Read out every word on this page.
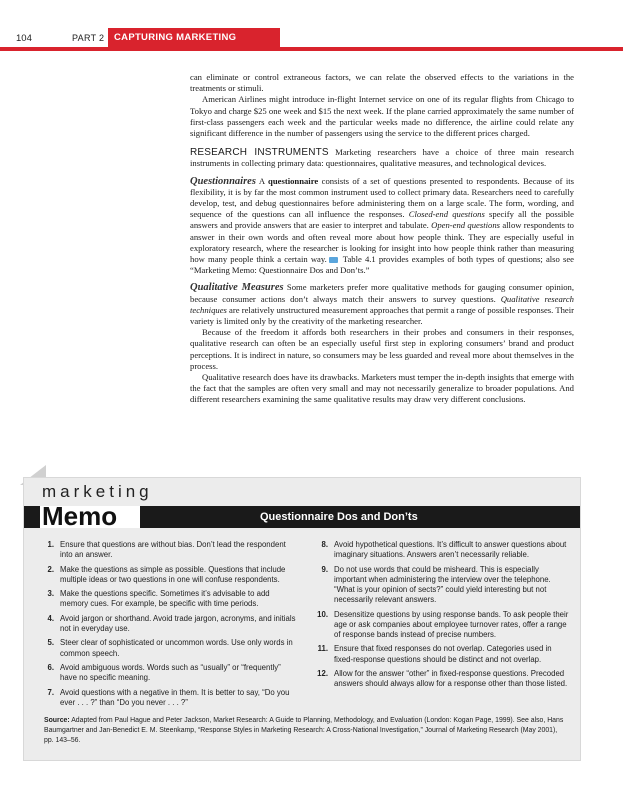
104	PART 2	CAPTURING MARKETING INSIGHTS

can eliminate or control extraneous factors, we can relate the observed effects to the variations in the treatments or stimuli.

American Airlines might introduce in-flight Internet service on one of its regular flights from Chicago to Tokyo and charge $25 one week and $15 the next week. If the plane carried approximately the same number of first-class passengers each week and the particular weeks made no difference, the airline could relate any significant difference in the number of passengers using the service to the different prices charged.

RESEARCH INSTRUMENTS Marketing researchers have a choice of three main research instruments in collecting primary data: questionnaires, qualitative measures, and technological devices.

Questionnaires A questionnaire consists of a set of questions presented to respondents. Because of its flexibility, it is by far the most common instrument used to collect primary data. Researchers need to carefully develop, test, and debug questionnaires before administering them on a large scale. The form, wording, and sequence of the questions can all influence the responses. Closed-end questions specify all the possible answers and provide answers that are easier to interpret and tabulate. Open-end questions allow respondents to answer in their own words and often reveal more about how people think. They are especially useful in exploratory research, where the researcher is looking for insight into how people think rather than measuring how many people think a certain way. Table 4.1 provides examples of both types of questions; also see “Marketing Memo: Questionnaire Dos and Don’ts.”

Qualitative Measures Some marketers prefer more qualitative methods for gauging consumer opinion, because consumer actions don’t always match their answers to survey questions. Qualitative research techniques are relatively unstructured measurement approaches that permit a range of possible responses. Their variety is limited only by the creativity of the marketing researcher.

Because of the freedom it affords both researchers in their probes and consumers in their responses, qualitative research can often be an especially useful first step in exploring consumers’ brand and product perceptions. It is indirect in nature, so consumers may be less guarded and reveal more about themselves in the process.

Qualitative research does have its drawbacks. Marketers must temper the in-depth insights that emerge with the fact that the samples are often very small and may not necessarily generalize to broader populations. And different researchers examining the same qualitative results may draw very different conclusions.

Questionnaire Dos and Don’ts
marketing
Memo
1. Ensure that questions are without bias. Don’t lead the respondent into an answer.
2. Make the questions as simple as possible. Questions that include multiple ideas or two questions in one will confuse respondents.
3. Make the questions specific. Sometimes it’s advisable to add memory cues. For example, be specific with time periods.
4. Avoid jargon or shorthand. Avoid trade jargon, acronyms, and initials not in everyday use.
5. Steer clear of sophisticated or uncommon words. Use only words in common speech.
6. Avoid ambiguous words. Words such as “usually” or “frequently” have no specific meaning.
7. Avoid questions with a negative in them. It is better to say, “Do you ever . . . ?” than “Do you never . . . ?”
8. Avoid hypothetical questions. It’s difficult to answer questions about imaginary situations. Answers aren’t necessarily reliable.
9. Do not use words that could be misheard. This is especially important when administering the interview over the telephone. “What is your opinion of sects?” could yield interesting but not necessarily relevant answers.
10. Desensitize questions by using response bands. To ask people their age or ask companies about employee turnover rates, offer a range of response bands instead of precise numbers.
11. Ensure that fixed responses do not overlap. Categories used in fixed-response questions should be distinct and not overlap.
12. Allow for the answer “other” in fixed-response questions. Precoded answers should always allow for a response other than those listed.
Source: Adapted from Paul Hague and Peter Jackson, Market Research: A Guide to Planning, Methodology, and Evaluation (London: Kogan Page, 1999). See also, Hans Baumgartner and Jan-Benedict E. M. Steenkamp, “Response Styles in Marketing Research: A Cross-National Investigation,” Journal of Marketing Research (May 2001), pp. 143–56.
